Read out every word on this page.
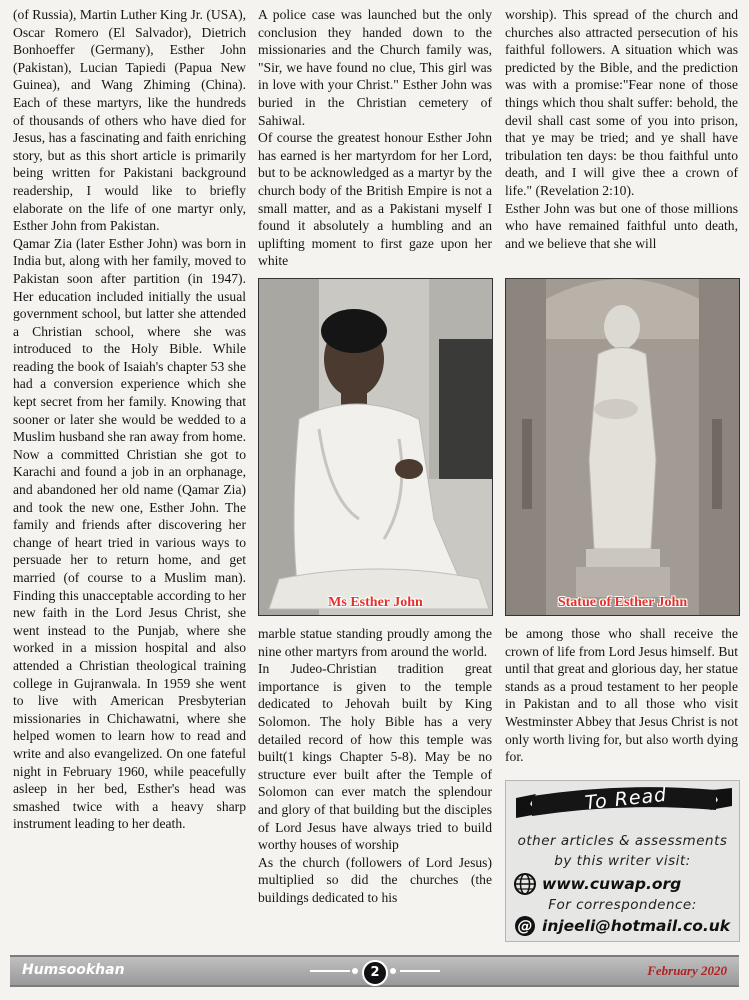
(of Russia), Martin Luther King Jr. (USA), Oscar Romero (El Salvador), Dietrich Bonhoeffer (Germany), Esther John (Pakistan), Lucian Tapiedi (Papua New Guinea), and Wang Zhiming (China). Each of these martyrs, like the hundreds of thousands of others who have died for Jesus, has a fascinating and faith enriching story, but as this short article is primarily being written for Pakistani background readership, I would like to briefly elaborate on the life of one martyr only, Esther John from Pakistan.

Qamar Zia (later Esther John) was born in India but, along with her family, moved to Pakistan soon after partition (in 1947). Her education included initially the usual government school, but latter she attended a Christian school, where she was introduced to the Holy Bible. While reading the book of Isaiah's chapter 53 she had a conversion experience which she kept secret from her family. Knowing that sooner or later she would be wedded to a Muslim husband she ran away from home. Now a committed Christian she got to Karachi and found a job in an orphanage, and abandoned her old name (Qamar Zia) and took the new one, Esther John. The family and friends after discovering her change of heart tried in various ways to persuade her to return home, and get married (of course to a Muslim man). Finding this unacceptable according to her new faith in the Lord Jesus Christ, she went instead to the Punjab, where she worked in a mission hospital and also attended a Christian theological training college in Gujranwala. In 1959 she went to live with American Presbyterian missionaries in Chichawatni, where she helped women to learn how to read and write and also evangelized. On one fateful night in February 1960, while peacefully asleep in her bed, Esther's head was smashed twice with a heavy sharp instrument leading to her death.

A police case was launched but the only conclusion they handed down to the missionaries and the Church family was, "Sir, we have found no clue, This girl was in love with your Christ." Esther John was buried in the Christian cemetery of Sahiwal.

Of course the greatest honour Esther John has earned is her martyrdom for her Lord, but to be acknowledged as a martyr by the church body of the British Empire is not a small matter, and as a Pakistani myself I found it absolutely a humbling and an uplifting moment to first gaze upon her white

worship). This spread of the church and churches also attracted persecution of his faithful followers. A situation which was predicted by the Bible, and the prediction was with a promise:"Fear none of those things which thou shalt suffer: behold, the devil shall cast some of you into prison, that ye may be tried; and ye shall have tribulation ten days: be thou faithful unto death, and I will give thee a crown of life." (Revelation 2:10).

Esther John was but one of those millions who have remained faithful unto death, and we believe that she will

Ms Esther John	Statue of Esther John

marble statue standing proudly among the nine other martyrs from around the world.

In Judeo-Christian tradition great importance is given to the temple dedicated to Jehovah built by King Solomon. The holy Bible has a very detailed record of how this temple was built(1 kings Chapter 5-8). May be no structure ever built after the Temple of Solomon can ever match the splendour and glory of that building but the disciples of Lord Jesus have always tried to build worthy houses of worship

As the church (followers of Lord Jesus) multiplied so did the churches (the buildings dedicated to his

be among those who shall receive the crown of life from Lord Jesus himself. But until that great and glorious day, her statue stands as a proud testament to her people in Pakistan and to all those who visit Westminster Abbey that Jesus Christ is not only worth living for, but also worth dying for.

To Read
other articles & assessments
by this writer visit:
www.cuwap.org
For correspondence:
@ injeeli@hotmail.co.uk
Humsookhan	2	February 2020
